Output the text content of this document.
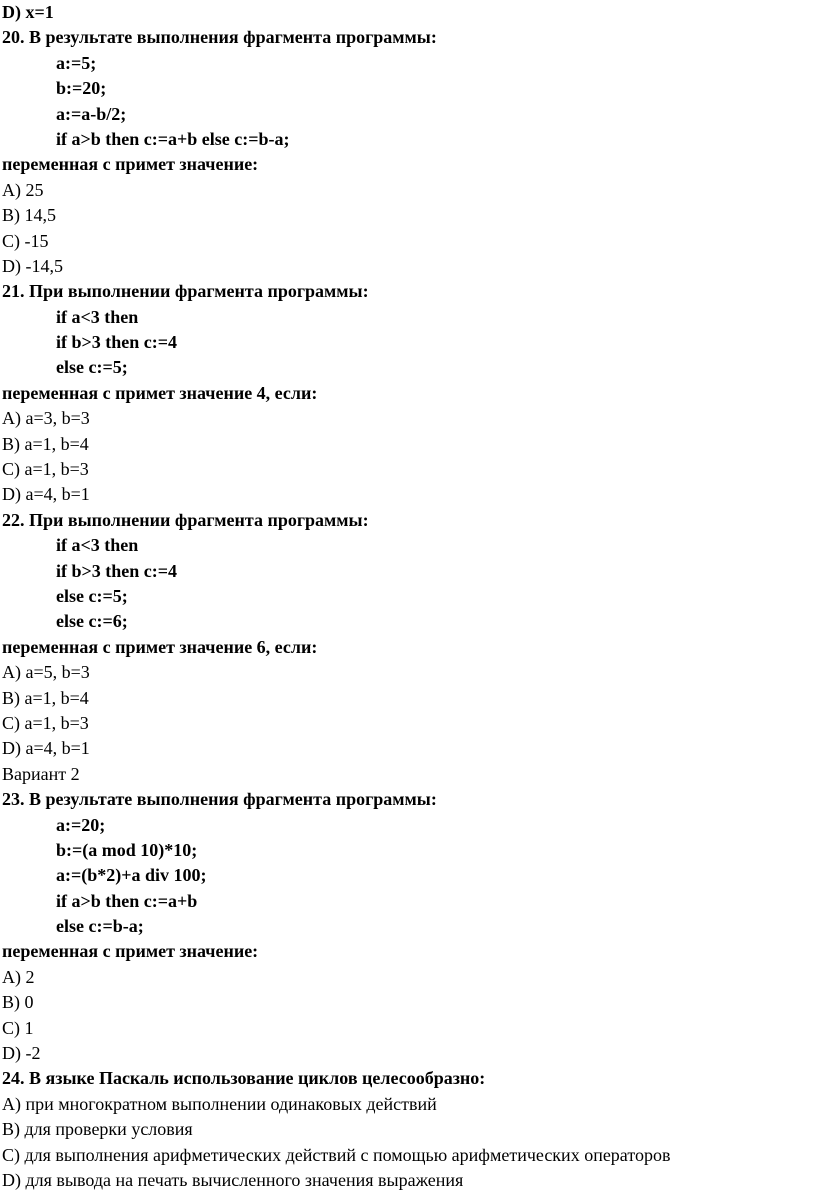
D) x=1
20. В результате выполнения фрагмента программы:
a:=5;
b:=20;
a:=a-b/2;
if a>b then c:=a+b else c:=b-a;
переменная с примет значение:
A) 25
B) 14,5
C) -15
D) -14,5
21. При выполнении фрагмента программы:
if a<3 then
if b>3 then c:=4
else c:=5;
переменная с примет значение 4, если:
A) a=3, b=3
B) a=1, b=4
C) a=1, b=3
D) a=4, b=1
22. При выполнении фрагмента программы:
if a<3 then
if b>3 then c:=4
else c:=5;
else c:=6;
переменная с примет значение 6, если:
A) a=5, b=3
B) a=1, b=4
C) a=1, b=3
D) a=4, b=1
Вариант 2
23. В результате выполнения фрагмента программы:
a:=20;
b:=(a mod 10)*10;
a:=(b*2)+a div 100;
if a>b then c:=a+b
else c:=b-a;
переменная с примет значение:
A) 2
B) 0
C) 1
D) -2
24. В языке Паскаль использование циклов целесообразно:
A) при многократном выполнении одинаковых действий
B) для проверки условия
C) для выполнения арифметических действий с помощью арифметических операторов
D) для вывода на печать вычисленного значения выражения
